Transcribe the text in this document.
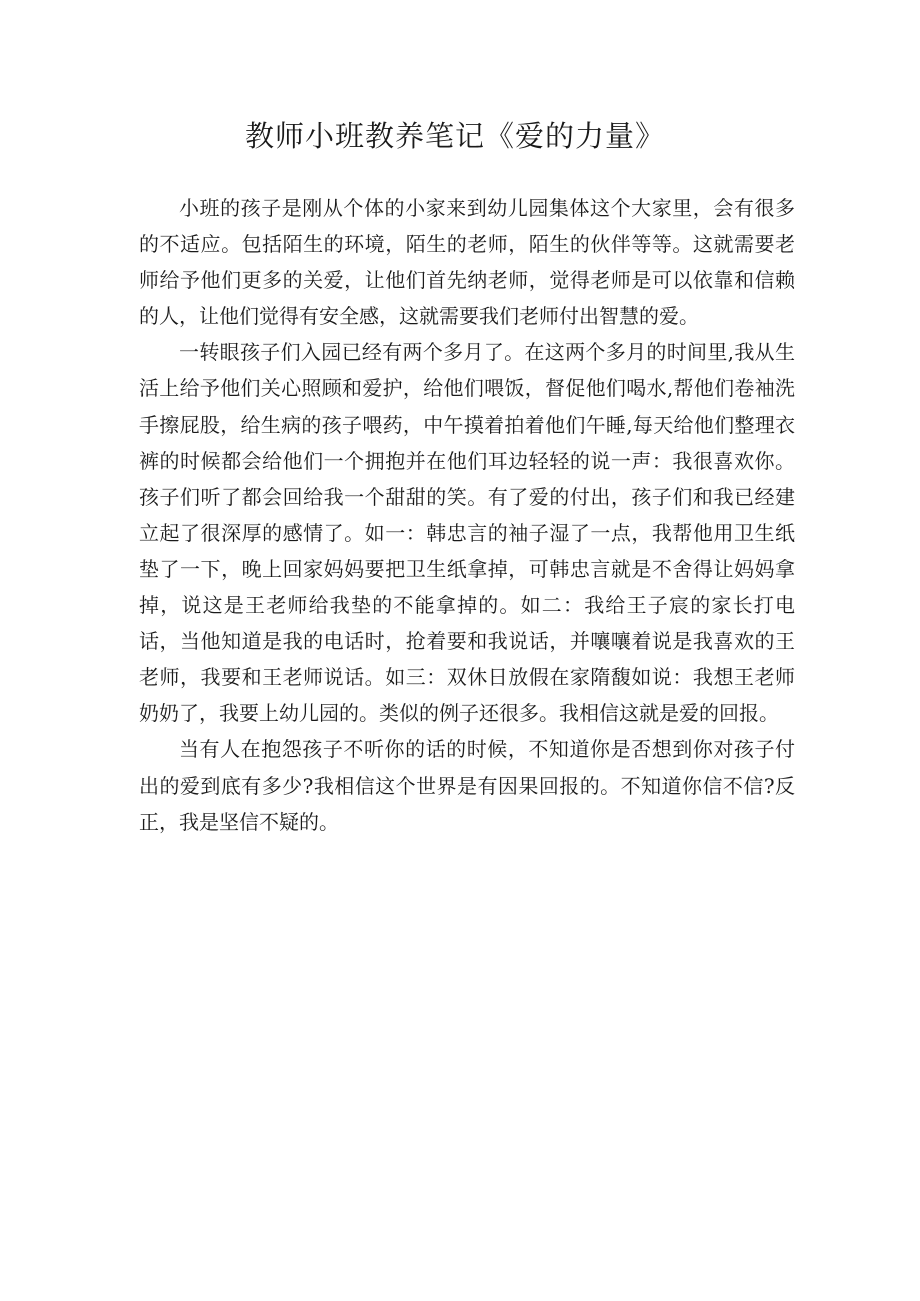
教师小班教养笔记《爱的力量》

小班的孩子是刚从个体的小家来到幼儿园集体这个大家里，会有很多的不适应。包括陌生的环境，陌生的老师，陌生的伙伴等等。这就需要老师给予他们更多的关爱，让他们首先纳老师，觉得老师是可以依靠和信赖的人，让他们觉得有安全感，这就需要我们老师付出智慧的爱。

一转眼孩子们入园已经有两个多月了。在这两个多月的时间里,我从生活上给予他们关心照顾和爱护，给他们喂饭，督促他们喝水,帮他们卷袖洗手擦屁股，给生病的孩子喂药，中午摸着拍着他们午睡,每天给他们整理衣裤的时候都会给他们一个拥抱并在他们耳边轻轻的说一声：我很喜欢你。孩子们听了都会回给我一个甜甜的笑。有了爱的付出，孩子们和我已经建立起了很深厚的感情了。如一：韩忠言的袖子湿了一点，我帮他用卫生纸垫了一下，晚上回家妈妈要把卫生纸拿掉，可韩忠言就是不舍得让妈妈拿掉，说这是王老师给我垫的不能拿掉的。如二：我给王子宸的家长打电话，当他知道是我的电话时，抢着要和我说话，并嚷嚷着说是我喜欢的王老师，我要和王老师说话。如三：双休日放假在家隋馥如说：我想王老师奶奶了，我要上幼儿园的。类似的例子还很多。我相信这就是爱的回报。

当有人在抱怨孩子不听你的话的时候，不知道你是否想到你对孩子付出的爱到底有多少?我相信这个世界是有因果回报的。不知道你信不信?反正，我是坚信不疑的。
